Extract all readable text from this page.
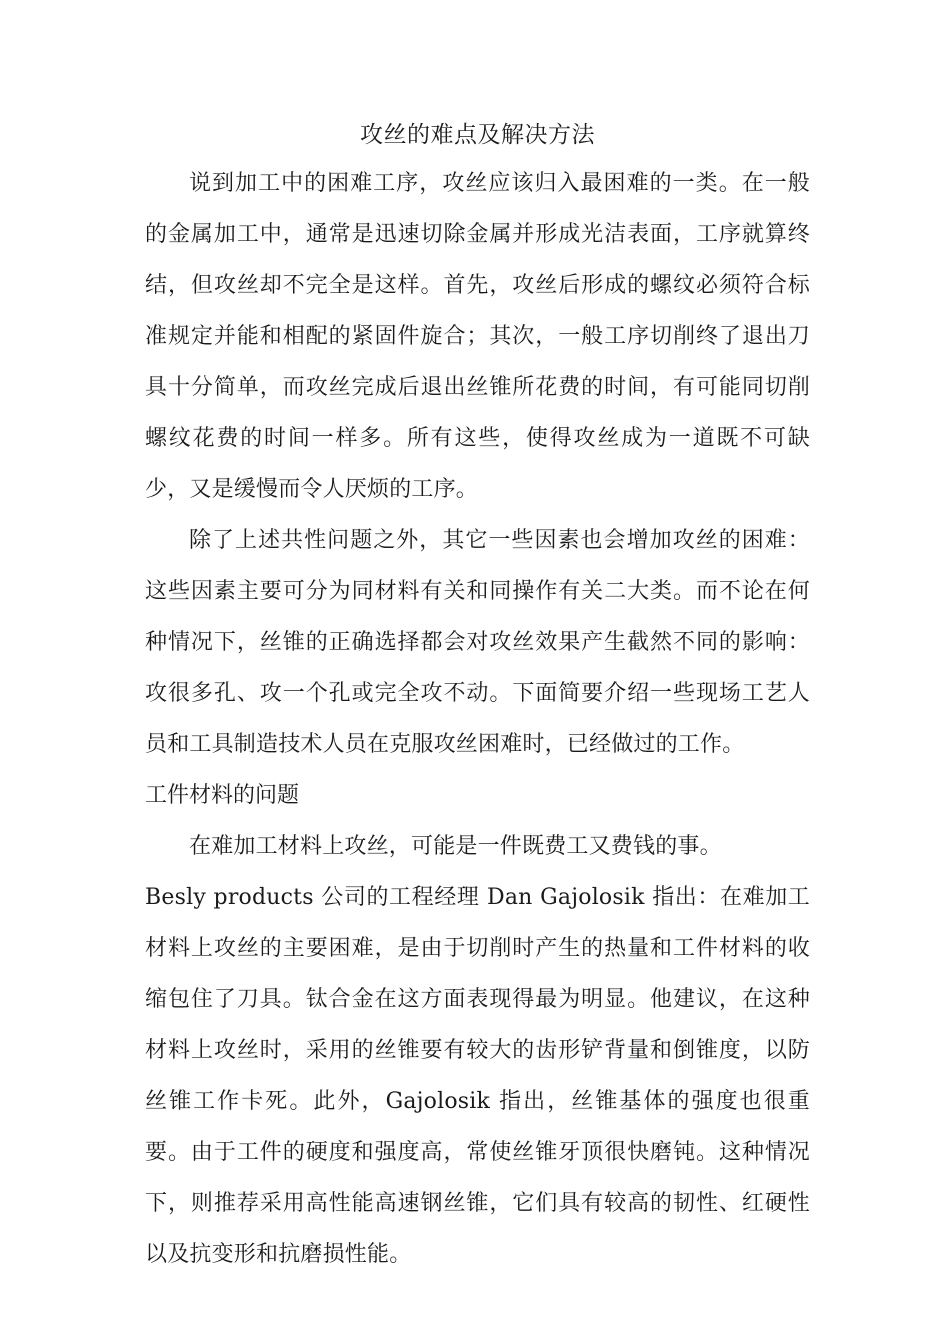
攻丝的难点及解决方法

说到加工中的困难工序，攻丝应该归入最困难的一类。在一般的金属加工中，通常是迅速切除金属并形成光洁表面，工序就算终结，但攻丝却不完全是这样。首先，攻丝后形成的螺纹必须符合标准规定并能和相配的紧固件旋合；其次，一般工序切削终了退出刀具十分简单，而攻丝完成后退出丝锥所花费的时间，有可能同切削螺纹花费的时间一样多。所有这些，使得攻丝成为一道既不可缺少，又是缓慢而令人厌烦的工序。

除了上述共性问题之外，其它一些因素也会增加攻丝的困难：这些因素主要可分为同材料有关和同操作有关二大类。而不论在何种情况下，丝锥的正确选择都会对攻丝效果产生截然不同的影响：攻很多孔、攻一个孔或完全攻不动。下面简要介绍一些现场工艺人员和工具制造技术人员在克服攻丝困难时，已经做过的工作。

工件材料的问题

在难加工材料上攻丝，可能是一件既费工又费钱的事。

Besly products 公司的工程经理 Dan Gajolosik 指出：在难加工材料上攻丝的主要困难，是由于切削时产生的热量和工件材料的收缩包住了刀具。钛合金在这方面表现得最为明显。他建议，在这种材料上攻丝时，采用的丝锥要有较大的齿形铲背量和倒锥度，以防丝锥工作卡死。此外，Gajolosik 指出，丝锥基体的强度也很重要。由于工件的硬度和强度高，常使丝锥牙顶很快磨钝。这种情况下，则推荐采用高性能高速钢丝锥，它们具有较高的韧性、红硬性以及抗变形和抗磨损性能。
